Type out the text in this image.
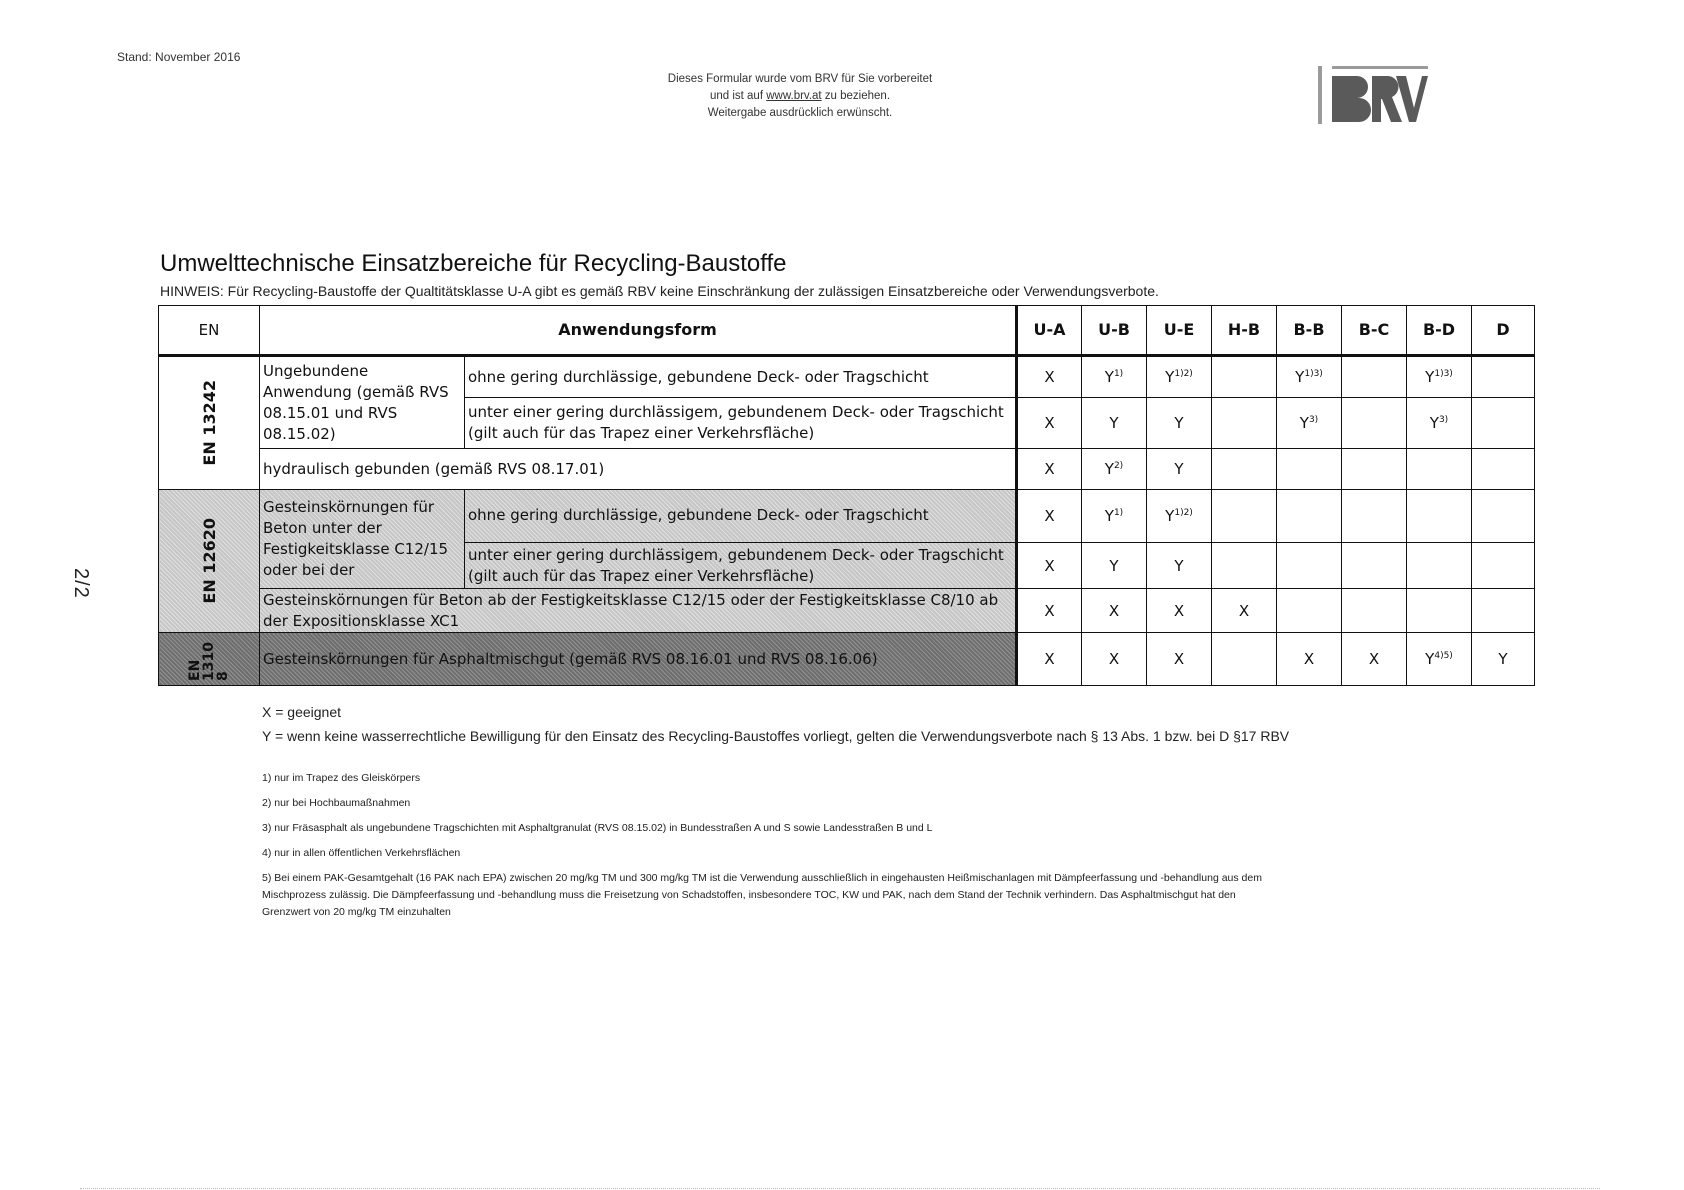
Stand: November 2016
Dieses Formular wurde vom BRV für Sie vorbereitet
und ist auf www.brv.at zu beziehen.
Weitergabe ausdrücklich erwünscht.
2/2
Umwelttechnische Einsatzbereiche für Recycling-Baustoffe
HINWEIS: Für Recycling-Baustoffe der Qualtitätsklasse U-A gibt es gemäß RBV keine Einschränkung der zulässigen Einsatzbereiche oder Verwendungsverbote.
EN	Anwendungsform		U-A	U-B	U-E	H-B	B-B	B-C	B-D	D

EN 13242	Ungebundene Anwendung (gemäß RVS 08.15.01 und RVS 08.15.02)	ohne gering durchlässige, gebundene Deck- oder Tragschicht	X	$Y^{1)}$	$Y^{1)2)}$		$Y^{1)3)}$		$Y^{1)3)}$	
		unter einer gering durchlässigem, gebundenem Deck- oder Tragschicht (gilt auch für das Trapez einer Verkehrsfläche)	X	Y	Y		$Y^{3)}$		$Y^{3)}$	
	hydraulisch gebunden (gemäß RVS 08.17.01)		X	$Y^{2)}$	Y					

EN 12620	Gesteinskörnungen für Beton unter der Festigkeitsklasse C12/15 oder bei der	ohne gering durchlässige, gebundene Deck- oder Tragschicht	X	$Y^{1)}$	$Y^{1)2)}$					
		unter einer gering durchlässigem, gebundenem Deck- oder Tragschicht (gilt auch für das Trapez einer Verkehrsfläche)	X	Y	Y					
	Gesteinskörnungen für Beton ab der Festigkeitsklasse C12/15 oder der Festigkeitsklasse C8/10 ab der Expositionsklasse XC1		X	X	X	X				

EN 1310 8	Gesteinskörnungen für Asphaltmischgut (gemäß RVS 08.16.01 und RVS 08.16.06)		X	X	X		X	X	$Y^{4)5)}$	Y
X = geeignet
Y = wenn keine wasserrechtliche Bewilligung für den Einsatz des Recycling-Baustoffes vorliegt, gelten die Verwendungsverbote nach § 13 Abs. 1 bzw. bei D §17 RBV
1) nur im Trapez des Gleiskörpers
2) nur bei Hochbaumaßnahmen
3) nur Fräsasphalt als ungebundene Tragschichten mit Asphaltgranulat (RVS 08.15.02) in Bundesstraßen A und S sowie Landesstraßen B und L
4) nur in allen öffentlichen Verkehrsflächen
5) Bei einem PAK-Gesamtgehalt (16 PAK nach EPA) zwischen 20 mg/kg TM und 300 mg/kg TM ist die Verwendung ausschließlich in eingehausten Heißmischanlagen mit Dämpfeerfassung und -behandlung aus dem Mischprozess zulässig. Die Dämpfeerfassung und -behandlung muss die Freisetzung von Schadstoffen, insbesondere TOC, KW und PAK, nach dem Stand der Technik verhindern. Das Asphaltmischgut hat den Grenzwert von 20 mg/kg TM einzuhalten
